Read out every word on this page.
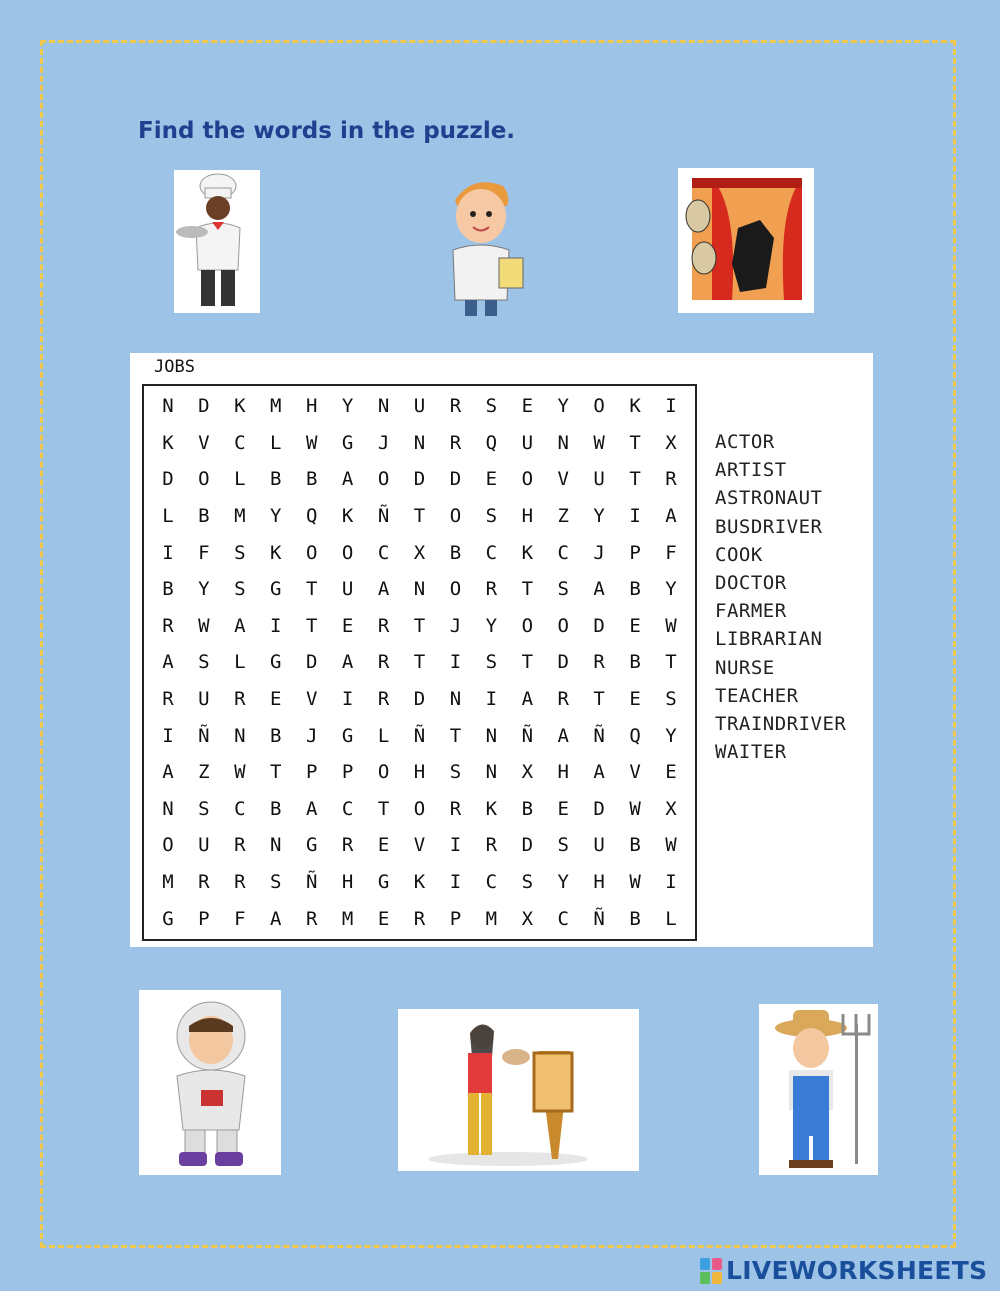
Find the words in the puzzle.
JOBS
N	D	K	M	H	Y	N	U	R	S	E	Y	O	K	I
K	V	C	L	W	G	J	N	R	Q	U	N	W	T	X
D	O	L	B	B	A	O	D	D	E	O	V	U	T	R
L	B	M	Y	Q	K	Ñ	T	O	S	H	Z	Y	I	A
I	F	S	K	O	O	C	X	B	C	K	C	J	P	F
B	Y	S	G	T	U	A	N	O	R	T	S	A	B	Y
R	W	A	I	T	E	R	T	J	Y	O	O	D	E	W
A	S	L	G	D	A	R	T	I	S	T	D	R	B	T
R	U	R	E	V	I	R	D	N	I	A	R	T	E	S
I	Ñ	N	B	J	G	L	Ñ	T	N	Ñ	A	Ñ	Q	Y
A	Z	W	T	P	P	O	H	S	N	X	H	A	V	E
N	S	C	B	A	C	T	O	R	K	B	E	D	W	X
O	U	R	N	G	R	E	V	I	R	D	S	U	B	W
M	R	R	S	Ñ	H	G	K	I	C	S	Y	H	W	I
G	P	F	A	R	M	E	R	P	M	X	C	Ñ	B	L
ACTOR
ARTIST
ASTRONAUT
BUSDRIVER
COOK
DOCTOR
FARMER
LIBRARIAN
NURSE
TEACHER
TRAINDRIVER
WAITER
LIVEWORKSHEETS
